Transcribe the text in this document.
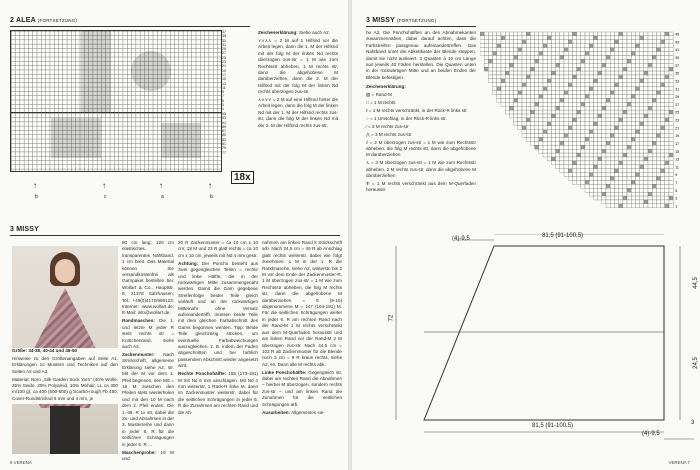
2 ALEA (FORTSETZUNG)
37
35
33
31
29
27
25
23
21
19
17
15
13
11
9
7
5
3
1
95
93
91
89
87
85
83
81
79
77
18x
↑	↑	↑	↑
b	c	a	b

Zeichenerklärung: Siehe auch A2.

⋎⋎⋏⋏ = 2 M auf 1 Hilfsnd vor die Arbeit legen, dann die 1. M der Hilfsnd mit der folg M der linken Nd rechts überzogen zus-str = 1 M wie zum Rechtsstr abheben, 1 M rechts str, dann die abgehobene M darüberziehen, dann die 2. M der Hilfsnd mit der folg M der linken Nd rechts überzogen zus-str.

⋏⋏⋎⋎ = 2 M auf eine Hilfsnd hinter die Arbeit legen, dann die folg M der linken Nd mit der 1. M der Hilfsnd rechts zus-str, dann die folg M der linken Nd mit der 2. M der Hilfsnd rechts zus-str.

3 MISSY

80 cm lang; 120 cm elastisches, transparentes Nähtband, 1 cm breit. Das Material können Sie versandkostenfrei als Garnpaket bestellen bei: Wollart & Co., Hauptstr. 9, 21378 Salzhausen; Tel.: +49(0)4172/969123; Internet: www.wollart.de; E-Mail: info@wollart.de.

Randmaschen: Die 1. und letzte M jeder R stets rechts str = Knötchenrand, siehe auch A3.

Zackenmuster: Nach Strickschrift, allgemeine Erklärung siehe A2, str. Mit der M vor dem 1. Pfeil beginnen, den MS = 18 M zwischen den Pfeilen stets wiederholen und mit den 10 M nach dem 2. Pfeil enden. Die 1.-48. R 1x str, dabei die Zu- und Abnahmen in der 3. Musterreihe und dann in jeder 6. R für die seitlichen Schrägungen in jeder 6. R ...

Maschenprobe: 19 M und

20 R Zackenmuster = ca 10 cm x 10 cm; 18 M und 23 R glatt rechts = ca 10 cm x 10 cm, jeweils mit Nd 4 mm gestr.

Achtung: Der Poncho besteht aus zwei gegengleichen Teilen = rechte und linke Hälfte, die in der rückwärtigen Mitte zusammengenäht werden. Damit die Garn gegebene Streifenfolge beider Teile gleich verläuft und an der rückwärtigen Mitteinaht ohne Versatz aufeinandertrifft, müssen beide Teile mit dem gleichen Farbabschnitt des Garns begonnen werden. Tipp: Beide Teile gleichzeitig stricken, um eventuelle Farbabweichungen auszugleichen, z. B. indem der Faden abgeschnitten und bei farblich passendem Abschnitt wieder angesetzt wird.

Rechte Ponchohälfte: 155 (173-191) M mit Nd 6 mm anschlagen. Mit Nd 4 mm weiterstr, 1 Rück-R linke M, dann im Zackenmuster weiterstr, dabei für die seitlichen Schrägungen in jeder 6. R die Zunahmen am rechten Rand und die Ab-

nahmen am linken Rand lt Strickschrift arb. Nach 24,5 cm = 49 R ab Anschlag glatt rechts weiterstr, dabei wie folgt zunehmen: 1 M in der 1. R die Randmasche, siehe A2, weiterstr, bis 2 M vor dem Ende der Zackenmuster-R, 1 M überzogen zus-str = 1 M wie zum Rechtsstr abheben, die folg M rechts str, dann die abgehobene M darüberziehen = 8 (9-10) abgenommene M = 147 (164-181) M. Für die seitlichen Schrägungen weiter in jeder 6. R am rechten Rand nach der Rand-M 1 M rechts verschränkt aus dem M-Querfaden herausstr und am linken Rand vor der Rand-M 2 M überzogen zus-str. Nach 44,5 cm = 102 R ab Zackenmuster für die Blende noch 3 cm = 8 R kraus rechts, siehe A2, str. Dann alle M rechts abk.

Linke Ponchohälfte: Gegengleich str, dabei am rechten Rand die Abnahmen – hierbei M überzogen, sondern rechts zus-str – und am linken Rand die Zunahmen für die seitlichen Schrägungen arb.

Ausarbeiten: Allgemeines sie-

6 VERENA

Größe: 34-38, 40-44 und 46-50

Hinweise zu den Größenangaben auf Seite A1. Erklärungen zu Mustern und Techniken auf den Seiten A2 und A3.

Material: Noro „Silk Garden Sock Yarn" (40% Wolle, 25% Seide, 25% Polyamid, 10% Mohair, LL ca 300 m/100 g): ca 400 (500-600) g Scarbo-rough Fb 450; Cover-Rundstricknd 6 mm und 4 mm, je

3 MISSY (FORTSETZUNG)

he A3. Die Ponchohälften an den Abnahmekanten zusammennähen, dabei darauf achten, dass die Farbstreifen passgenau aufeinandertreffen. Das Nahtband unter die Abkettkante der Blende steppen, damit sie nicht ausleiert. 3 Quasten à 10 cm Länge aus jeweils 40 Fäden herstellen. Die Quasten unten in der rückwärtigen Mitte und an beiden Enden der Blende befestigen.

Zeichenerklärung:

▧ = Rand-M

□ = 1 M rechts

ℓ = 1 M rechts verschränkt, in der Rück-R links str.

○ = 1 Umschlag, in der Rück-R links str.

⁄ = 2 M rechts zus-str

⋀ = 3 M rechts zus-str

⁒ = 2 M überzogen zus-str = 1 M wie zum Rechtsstr abheben, die folg M rechts str, dann die abgehobene M darüberziehen

⋏ = 3 M überzogen zus-str = 1 M wie zum Rechtsstr abheben, 2 M rechts zus-str, dann die abgehobene M darüberziehen

𝓥 = 1 M rechts verschränkt aus dem M-Querfaden herausstr

45
43
41
39
37
35
33
31
29
27
25
23
21
19
17
15
13
11
9
7
5
3
1
(4)-9,5	81,5 (91-100,5)
81,5 (91-100,5)
(4)-9,5
44,5
24,5
72
3
VERENA 7
